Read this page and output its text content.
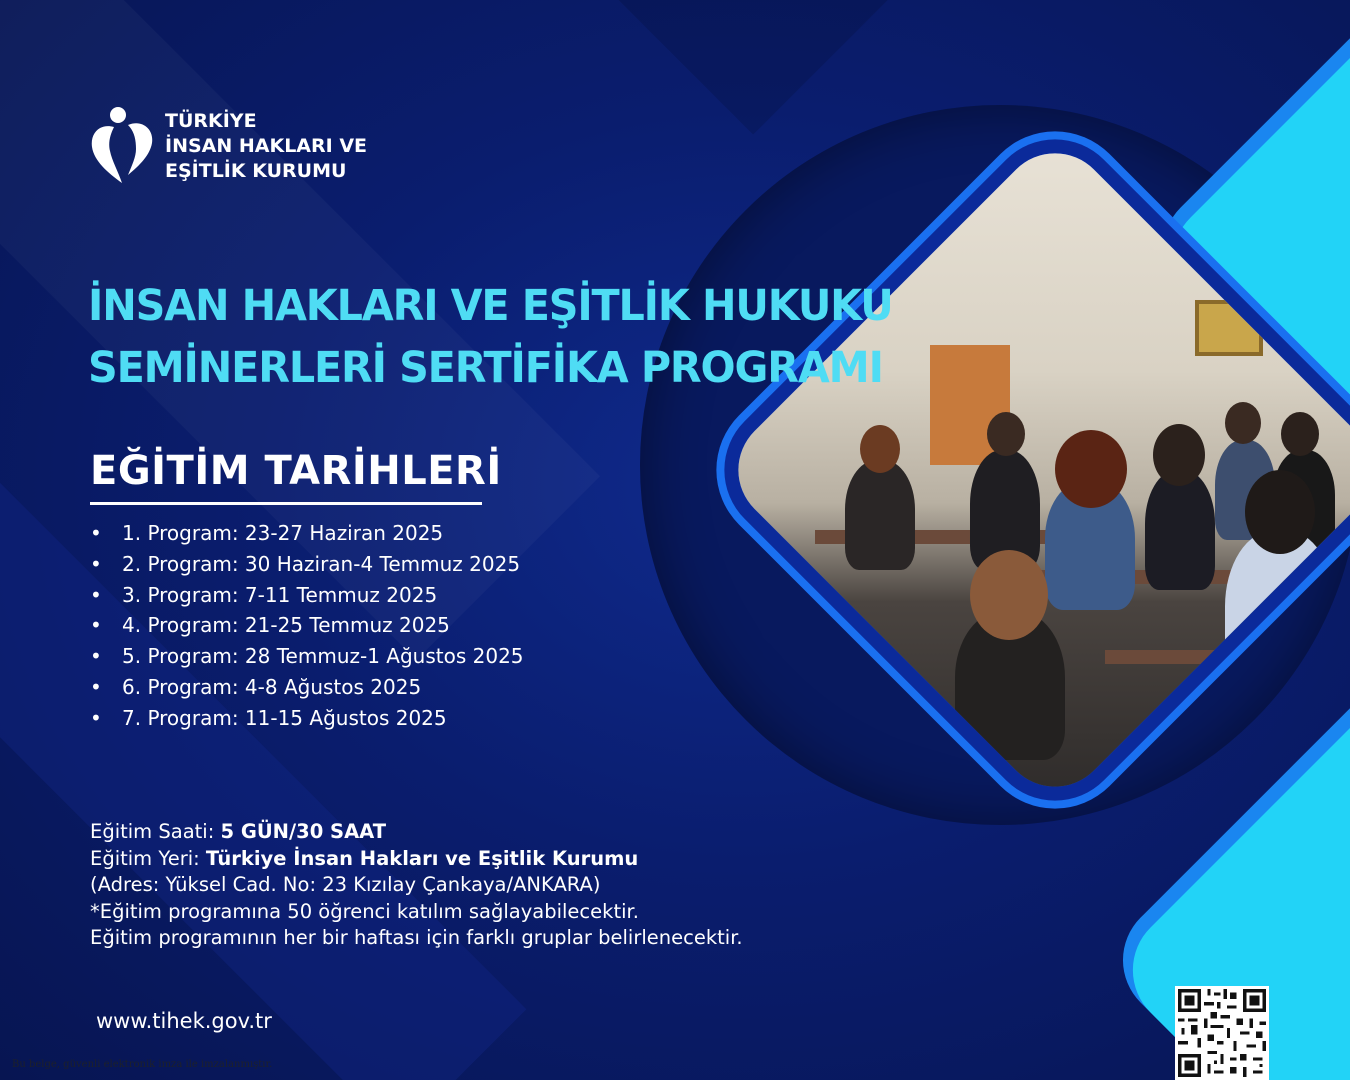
TÜRKİYE
İNSAN HAKLARI VE
EŞİTLİK KURUMU

İNSAN HAKLARI VE EŞİTLİK HUKUKU
SEMİNERLERİ SERTİFİKA PROGRAMI
EĞİTİM TARİHLERİ
• 1. Program: 23-27 Haziran 2025
• 2. Program: 30 Haziran-4 Temmuz 2025
• 3. Program: 7-11 Temmuz 2025
• 4. Program: 21-25 Temmuz 2025
• 5. Program: 28 Temmuz-1 Ağustos 2025
• 6. Program: 4-8 Ağustos 2025
• 7. Program: 11-15 Ağustos 2025

Eğitim Saati: 5 GÜN/30 SAAT

Eğitim Yeri: Türkiye İnsan Hakları ve Eşitlik Kurumu

(Adres: Yüksel Cad. No: 23 Kızılay Çankaya/ANKARA)

*Eğitim programına 50 öğrenci katılım sağlayabilecektir.

Eğitim programının her bir haftası için farklı gruplar belirlenecektir.

www.tihek.gov.tr
Bu belge, güvenli elektronik imza ile imzalanmıştır.
